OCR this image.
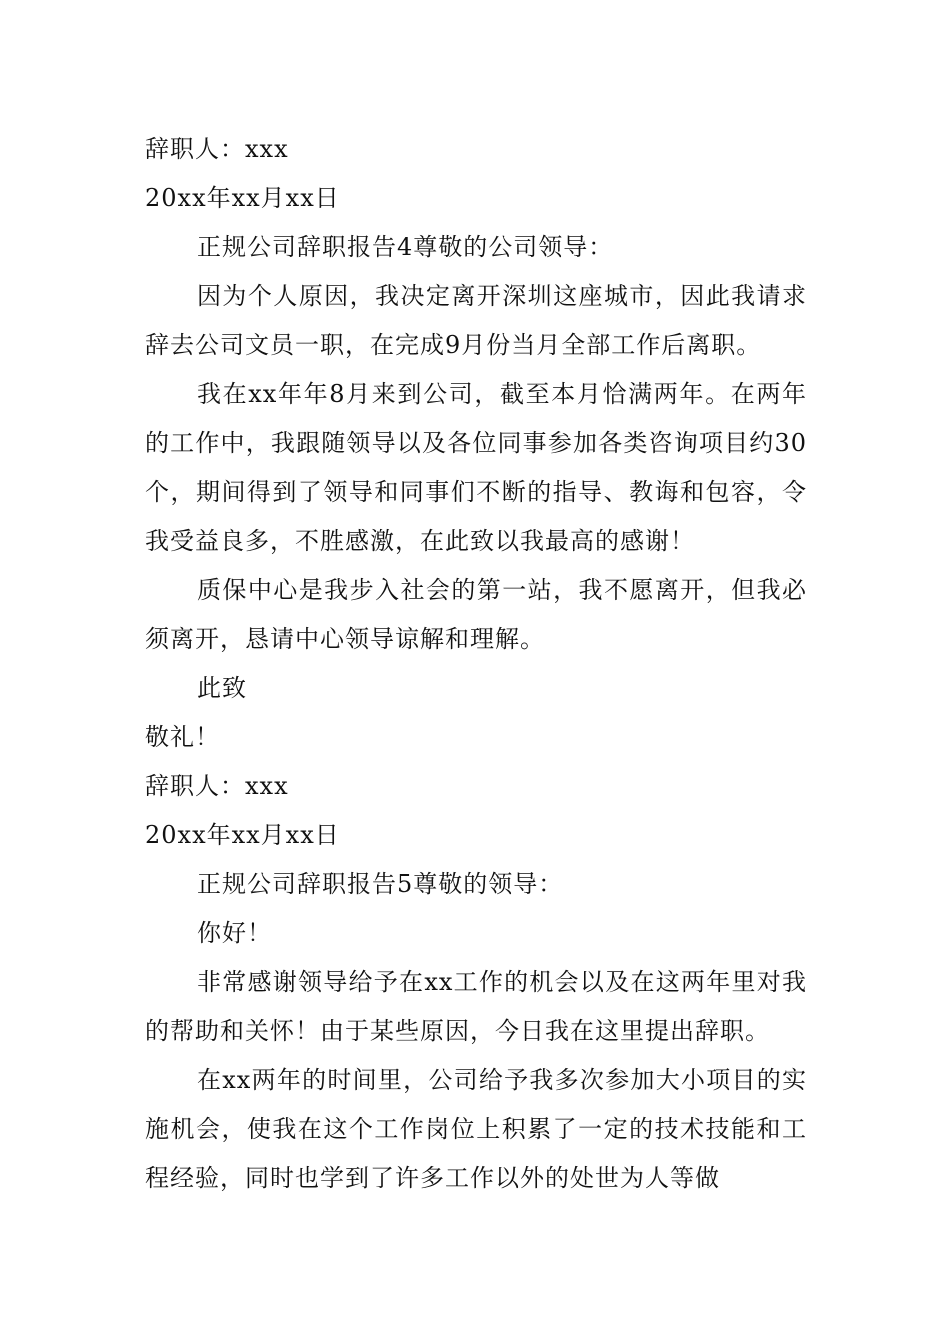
辞职人：xxx
20xx年xx月xx日
正规公司辞职报告4尊敬的公司领导：
因为个人原因，我决定离开深圳这座城市，因此我请求辞去公司文员一职，在完成9月份当月全部工作后离职。
我在xx年年8月来到公司，截至本月恰满两年。在两年的工作中，我跟随领导以及各位同事参加各类咨询项目约30个，期间得到了领导和同事们不断的指导、教诲和包容，令我受益良多，不胜感激，在此致以我最高的感谢！
质保中心是我步入社会的第一站，我不愿离开，但我必须离开，恳请中心领导谅解和理解。
此致
敬礼！
辞职人：xxx
20xx年xx月xx日
正规公司辞职报告5尊敬的领导：
你好！
非常感谢领导给予在xx工作的机会以及在这两年里对我的帮助和关怀！由于某些原因，今日我在这里提出辞职。
在xx两年的时间里，公司给予我多次参加大小项目的实施机会，使我在这个工作岗位上积累了一定的技术技能和工程经验，同时也学到了许多工作以外的处世为人等做
